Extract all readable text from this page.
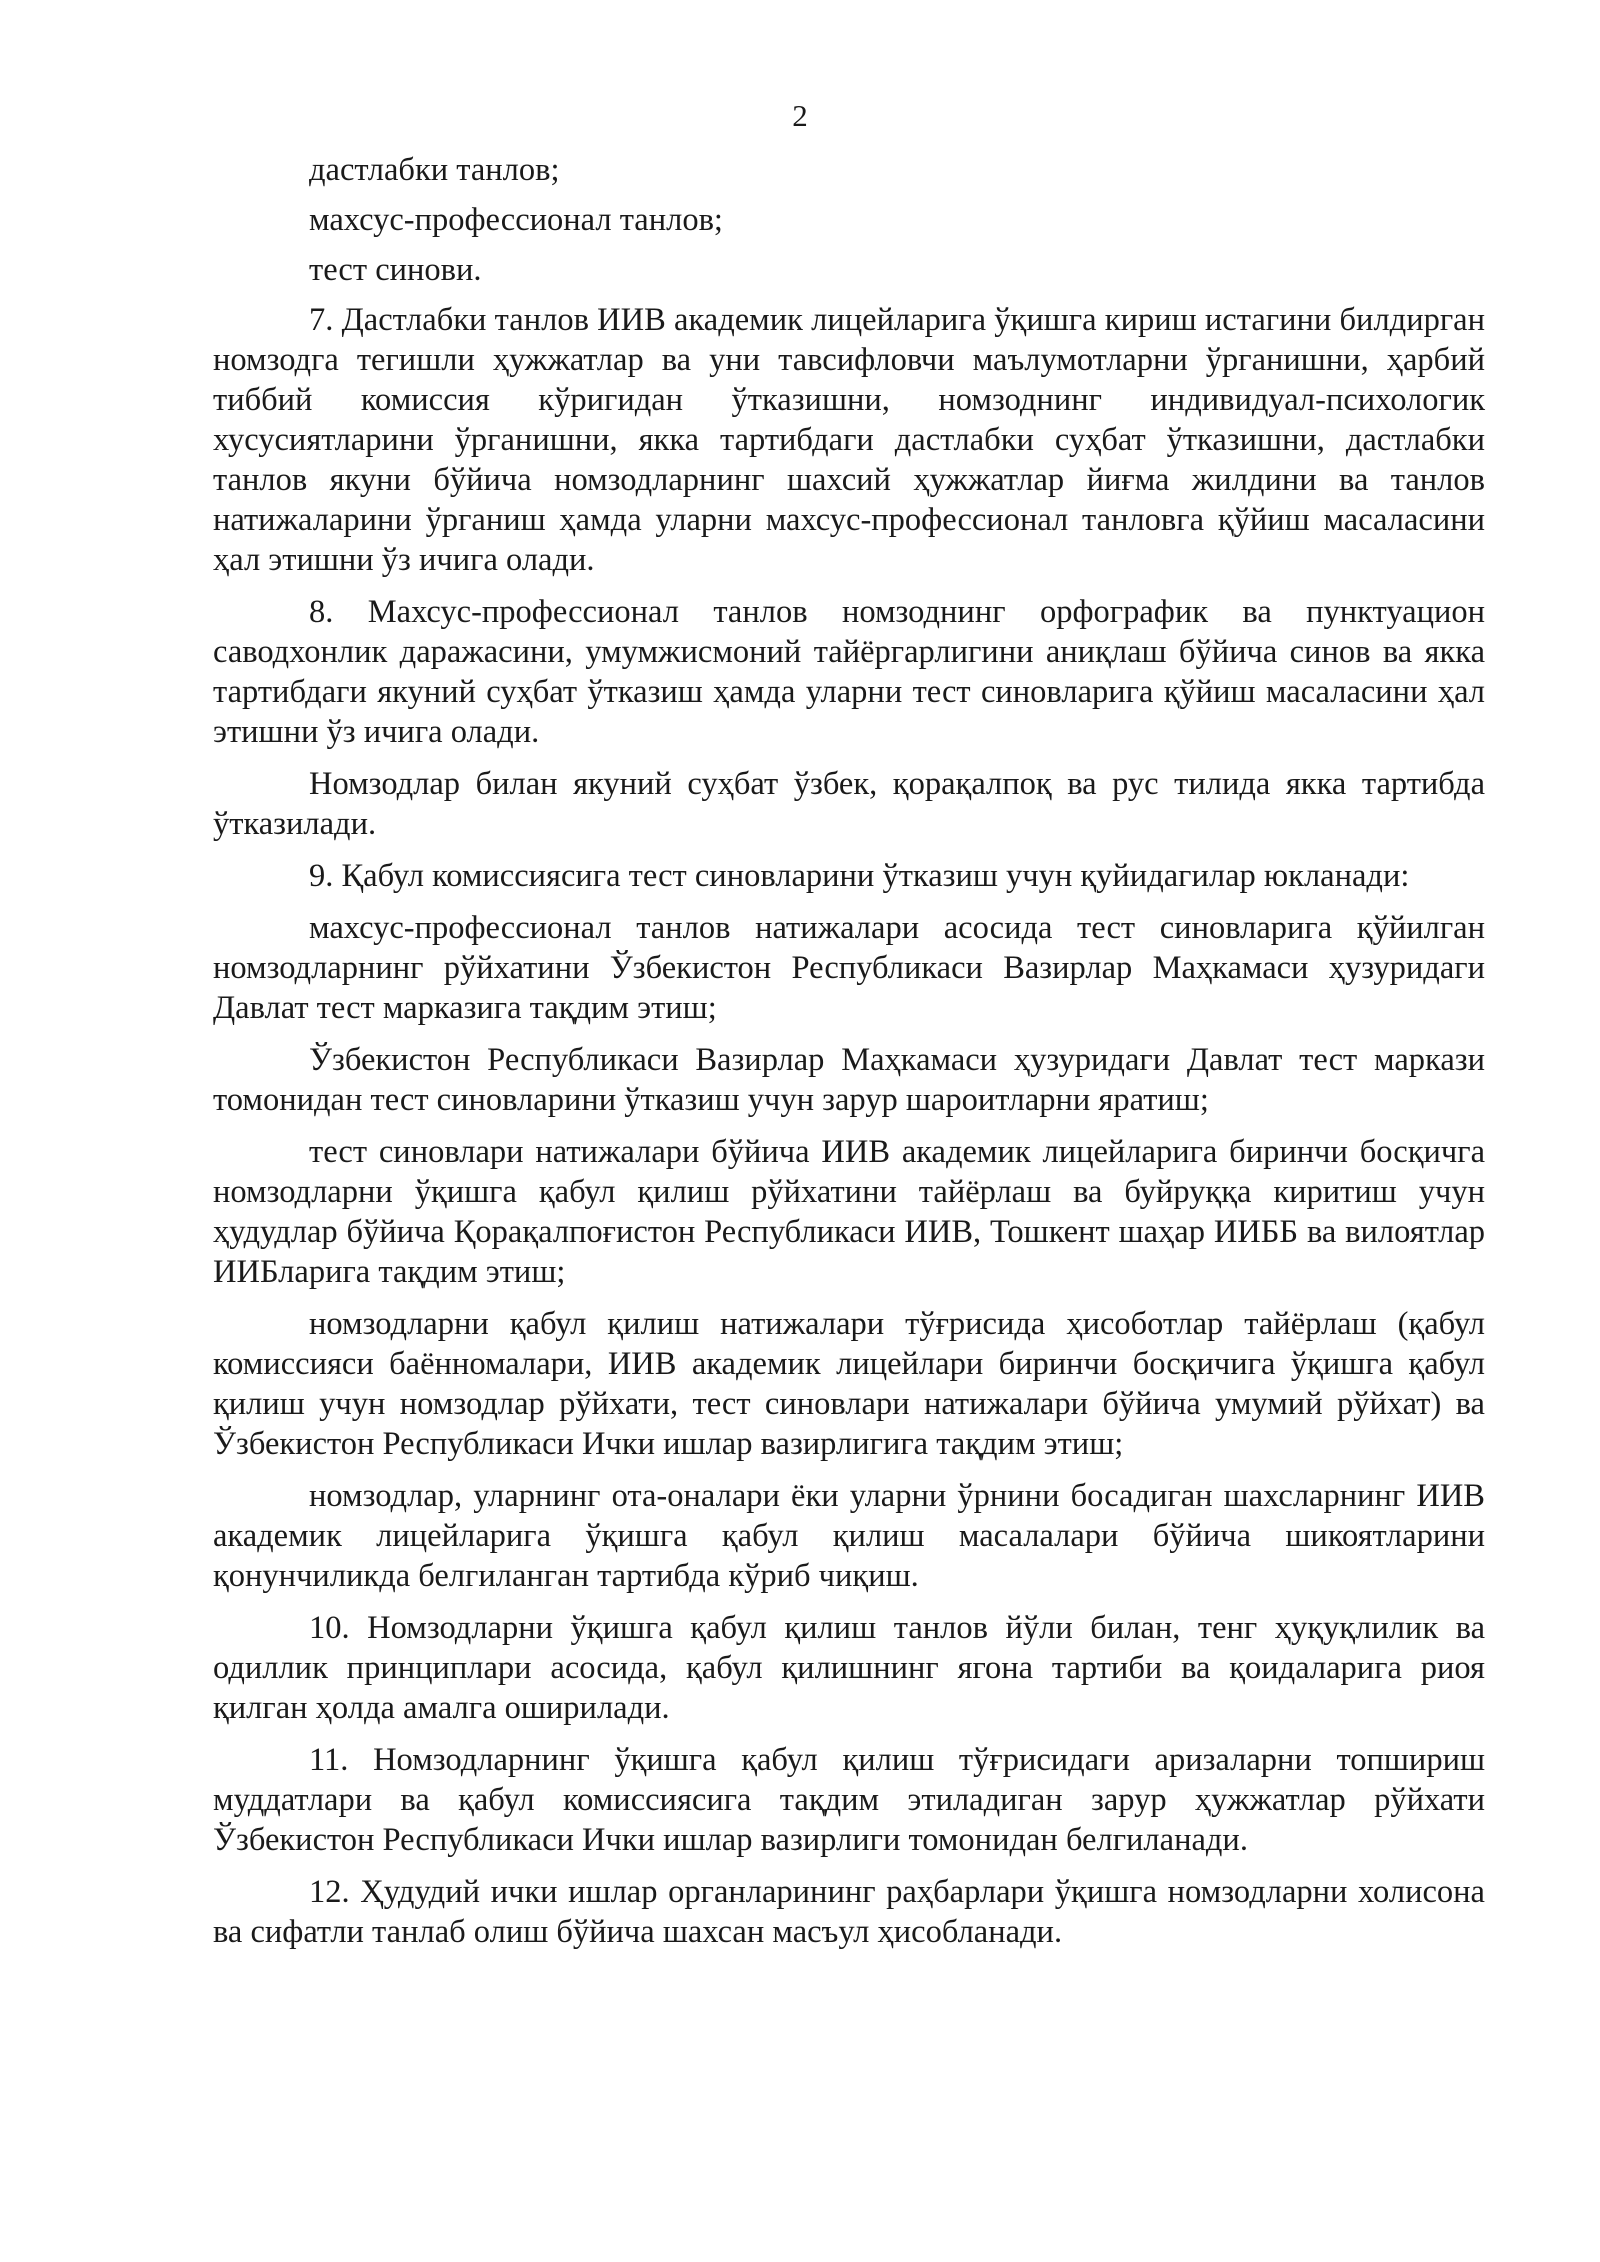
2

дастлабки танлов;

махсус-профессионал танлов;

тест синови.

7. Дастлабки танлов ИИВ академик лицейларига ўқишга кириш истагини билдирган номзодга тегишли ҳужжатлар ва уни тавсифловчи маълумотларни ўрганишни, ҳарбий тиббий комиссия кўригидан ўтказишни, номзоднинг индивидуал-психологик хусусиятларини ўрганишни, якка тартибдаги дастлабки суҳбат ўтказишни, дастлабки танлов якуни бўйича номзодларнинг шахсий ҳужжатлар йиғма жилдини ва танлов натижаларини ўрганиш ҳамда уларни махсус-профессионал танловга қўйиш масаласини ҳал этишни ўз ичига олади.

8. Махсус-профессионал танлов номзоднинг орфографик ва пунктуацион саводхонлик даражасини, умумжисмоний тайёргарлигини аниқлаш бўйича синов ва якка тартибдаги якуний суҳбат ўтказиш ҳамда уларни тест синовларига қўйиш масаласини ҳал этишни ўз ичига олади.

Номзодлар билан якуний суҳбат ўзбек, қорақалпоқ ва рус тилида якка тартибда ўтказилади.

9. Қабул комиссиясига тест синовларини ўтказиш учун қуйидагилар юкланади:

махсус-профессионал танлов натижалари асосида тест синовларига қўйилган номзодларнинг рўйхатини Ўзбекистон Республикаси Вазирлар Маҳкамаси ҳузуридаги Давлат тест марказига тақдим этиш;

Ўзбекистон Республикаси Вазирлар Маҳкамаси ҳузуридаги Давлат тест маркази томонидан тест синовларини ўтказиш учун зарур шароитларни яратиш;

тест синовлари натижалари бўйича ИИВ академик лицейларига биринчи босқичга номзодларни ўқишга қабул қилиш рўйхатини тайёрлаш ва буйруққа киритиш учун ҳудудлар бўйича Қорақалпоғистон Республикаси ИИВ, Тошкент шаҳар ИИББ ва вилоятлар ИИБларига тақдим этиш;

номзодларни қабул қилиш натижалари тўғрисида ҳисоботлар тайёрлаш (қабул комиссияси баённомалари, ИИВ академик лицейлари биринчи босқичига ўқишга қабул қилиш учун номзодлар рўйхати, тест синовлари натижалари бўйича умумий рўйхат) ва Ўзбекистон Республикаси Ички ишлар вазирлигига тақдим этиш;

номзодлар, уларнинг ота-оналари ёки уларни ўрнини босадиган шахсларнинг ИИВ академик лицейларига ўқишга қабул қилиш масалалари бўйича шикоятларини қонунчиликда белгиланган тартибда кўриб чиқиш.

10. Номзодларни ўқишга қабул қилиш танлов йўли билан, тенг ҳуқуқлилик ва одиллик принциплари асосида, қабул қилишнинг ягона тартиби ва қоидаларига риоя қилган ҳолда амалга оширилади.

11. Номзодларнинг ўқишга қабул қилиш тўғрисидаги аризаларни топшириш муддатлари ва қабул комиссиясига тақдим этиладиган зарур ҳужжатлар рўйхати Ўзбекистон Республикаси Ички ишлар вазирлиги томонидан белгиланади.

12. Ҳудудий ички ишлар органларининг раҳбарлари ўқишга номзодларни холисона ва сифатли танлаб олиш бўйича шахсан масъул ҳисобланади.
